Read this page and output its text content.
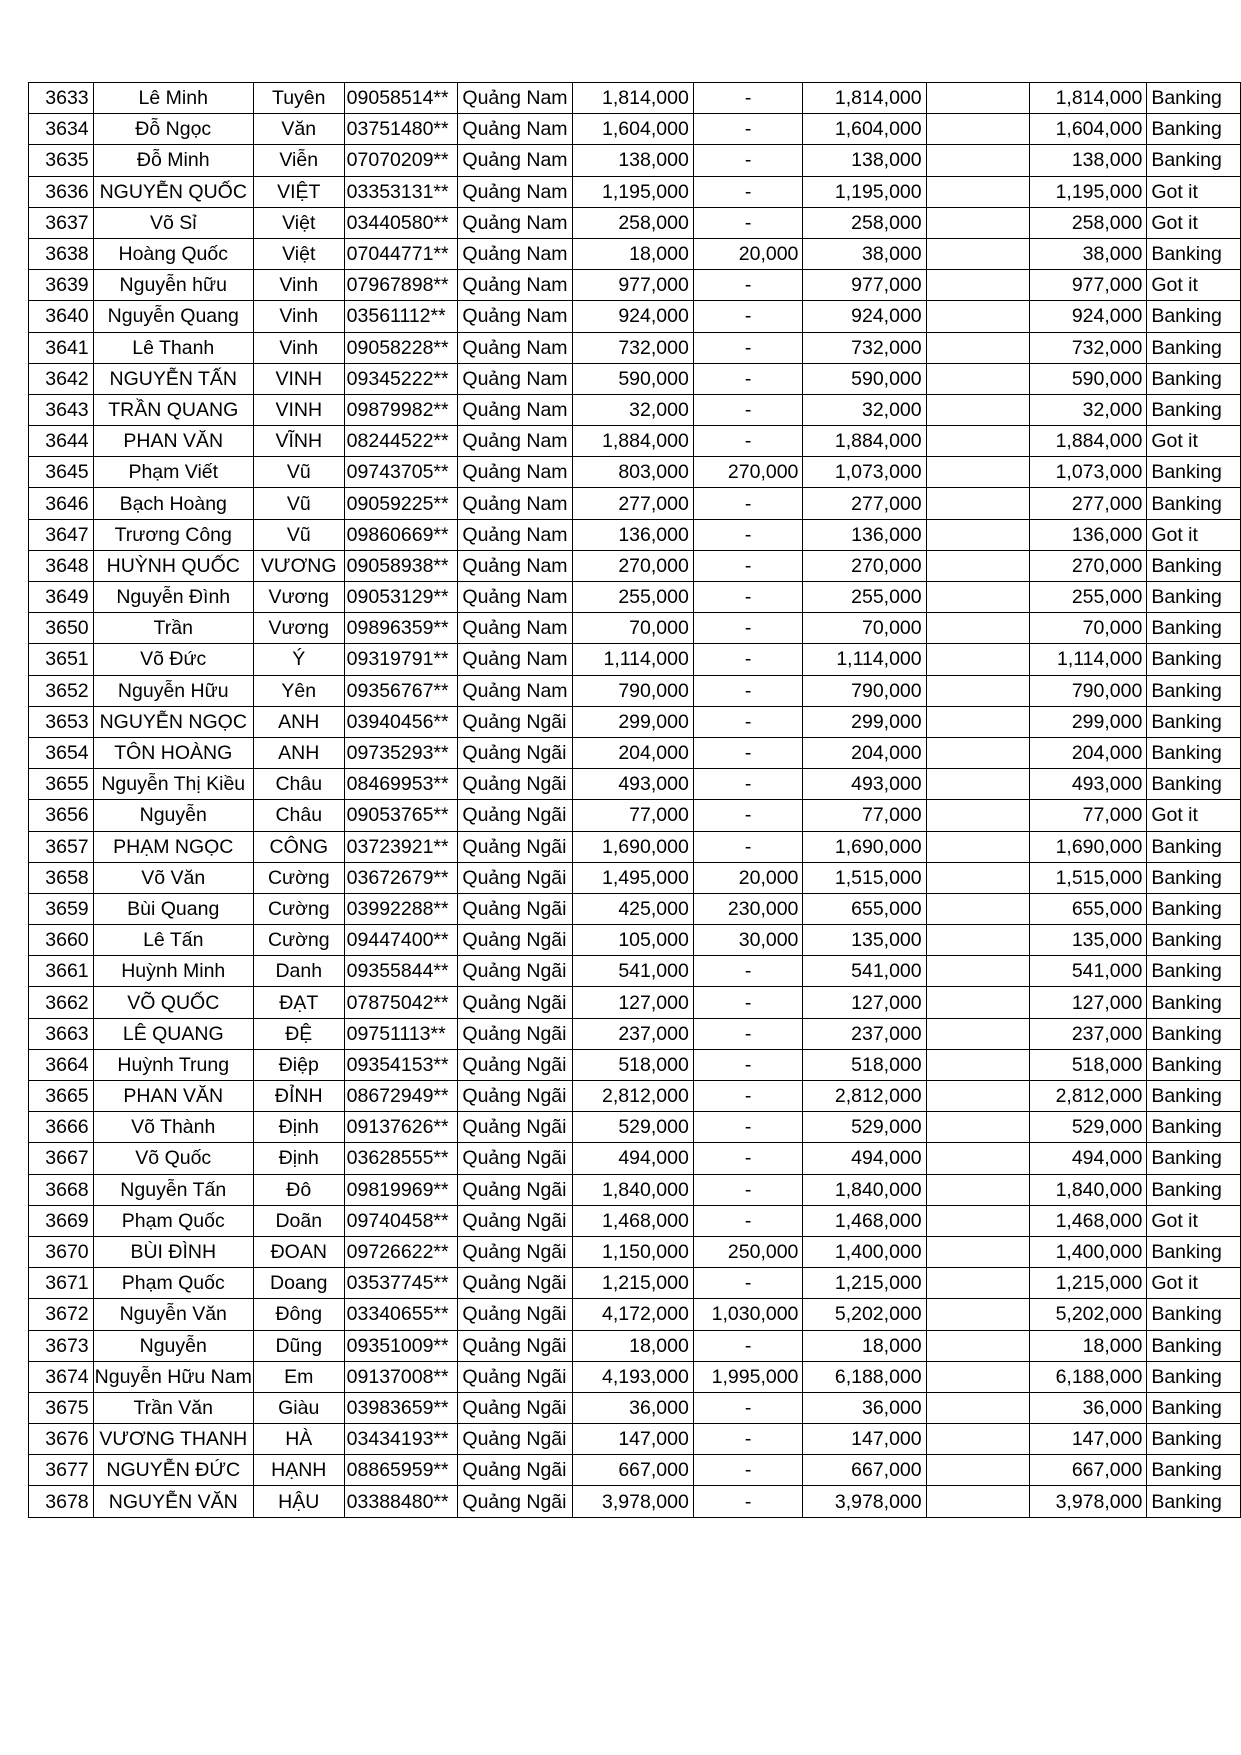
3633	Lê Minh	Tuyên	09058514**	Quảng Nam	1,814,000	-	1,814,000		1,814,000	Banking
3634	Đỗ Ngọc	Văn	03751480**	Quảng Nam	1,604,000	-	1,604,000		1,604,000	Banking
3635	Đỗ Minh	Viễn	07070209**	Quảng Nam	138,000	-	138,000		138,000	Banking
3636	NGUYỄN QUỐC	VIỆT	03353131**	Quảng Nam	1,195,000	-	1,195,000		1,195,000	Got it
3637	Võ Sỉ	Việt	03440580**	Quảng Nam	258,000	-	258,000		258,000	Got it
3638	Hoàng Quốc	Việt	07044771**	Quảng Nam	18,000	20,000	38,000		38,000	Banking
3639	Nguyễn hữu	Vinh	07967898**	Quảng Nam	977,000	-	977,000		977,000	Got it
3640	Nguyễn Quang	Vinh	03561112**	Quảng Nam	924,000	-	924,000		924,000	Banking
3641	Lê Thanh	Vinh	09058228**	Quảng Nam	732,000	-	732,000		732,000	Banking
3642	NGUYỄN TẤN	VINH	09345222**	Quảng Nam	590,000	-	590,000		590,000	Banking
3643	TRẦN QUANG	VINH	09879982**	Quảng Nam	32,000	-	32,000		32,000	Banking
3644	PHAN VĂN	VĨNH	08244522**	Quảng Nam	1,884,000	-	1,884,000		1,884,000	Got it
3645	Phạm Viết	Vũ	09743705**	Quảng Nam	803,000	270,000	1,073,000		1,073,000	Banking
3646	Bạch Hoàng	Vũ	09059225**	Quảng Nam	277,000	-	277,000		277,000	Banking
3647	Trương Công	Vũ	09860669**	Quảng Nam	136,000	-	136,000		136,000	Got it
3648	HUỲNH QUỐC	VƯƠNG	09058938**	Quảng Nam	270,000	-	270,000		270,000	Banking
3649	Nguyễn Đình	Vương	09053129**	Quảng Nam	255,000	-	255,000		255,000	Banking
3650	Trần	Vương	09896359**	Quảng Nam	70,000	-	70,000		70,000	Banking
3651	Võ Đức	Ý	09319791**	Quảng Nam	1,114,000	-	1,114,000		1,114,000	Banking
3652	Nguyễn Hữu	Yên	09356767**	Quảng Nam	790,000	-	790,000		790,000	Banking
3653	NGUYỄN NGỌC	ANH	03940456**	Quảng Ngãi	299,000	-	299,000		299,000	Banking
3654	TÔN HOÀNG	ANH	09735293**	Quảng Ngãi	204,000	-	204,000		204,000	Banking
3655	Nguyễn Thị Kiều	Châu	08469953**	Quảng Ngãi	493,000	-	493,000		493,000	Banking
3656	Nguyễn	Châu	09053765**	Quảng Ngãi	77,000	-	77,000		77,000	Got it
3657	PHẠM NGỌC	CÔNG	03723921**	Quảng Ngãi	1,690,000	-	1,690,000		1,690,000	Banking
3658	Võ Văn	Cường	03672679**	Quảng Ngãi	1,495,000	20,000	1,515,000		1,515,000	Banking
3659	Bùi Quang	Cường	03992288**	Quảng Ngãi	425,000	230,000	655,000		655,000	Banking
3660	Lê Tấn	Cường	09447400**	Quảng Ngãi	105,000	30,000	135,000		135,000	Banking
3661	Huỳnh Minh	Danh	09355844**	Quảng Ngãi	541,000	-	541,000		541,000	Banking
3662	VÕ QUỐC	ĐẠT	07875042**	Quảng Ngãi	127,000	-	127,000		127,000	Banking
3663	LÊ QUANG	ĐỆ	09751113**	Quảng Ngãi	237,000	-	237,000		237,000	Banking
3664	Huỳnh Trung	Điệp	09354153**	Quảng Ngãi	518,000	-	518,000		518,000	Banking
3665	PHAN VĂN	ĐỈNH	08672949**	Quảng Ngãi	2,812,000	-	2,812,000		2,812,000	Banking
3666	Võ Thành	Định	09137626**	Quảng Ngãi	529,000	-	529,000		529,000	Banking
3667	Võ Quốc	Định	03628555**	Quảng Ngãi	494,000	-	494,000		494,000	Banking
3668	Nguyễn Tấn	Đô	09819969**	Quảng Ngãi	1,840,000	-	1,840,000		1,840,000	Banking
3669	Phạm Quốc	Doãn	09740458**	Quảng Ngãi	1,468,000	-	1,468,000		1,468,000	Got it
3670	BÙI ĐÌNH	ĐOAN	09726622**	Quảng Ngãi	1,150,000	250,000	1,400,000		1,400,000	Banking
3671	Phạm Quốc	Doang	03537745**	Quảng Ngãi	1,215,000	-	1,215,000		1,215,000	Got it
3672	Nguyễn Văn	Đông	03340655**	Quảng Ngãi	4,172,000	1,030,000	5,202,000		5,202,000	Banking
3673	Nguyễn	Dũng	09351009**	Quảng Ngãi	18,000	-	18,000		18,000	Banking
3674	Nguyễn Hữu Nam	Em	09137008**	Quảng Ngãi	4,193,000	1,995,000	6,188,000		6,188,000	Banking
3675	Trần Văn	Giàu	03983659**	Quảng Ngãi	36,000	-	36,000		36,000	Banking
3676	VƯƠNG THANH	HÀ	03434193**	Quảng Ngãi	147,000	-	147,000		147,000	Banking
3677	NGUYỄN ĐỨC	HẠNH	08865959**	Quảng Ngãi	667,000	-	667,000		667,000	Banking
3678	NGUYỄN VĂN	HẬU	03388480**	Quảng Ngãi	3,978,000	-	3,978,000		3,978,000	Banking
